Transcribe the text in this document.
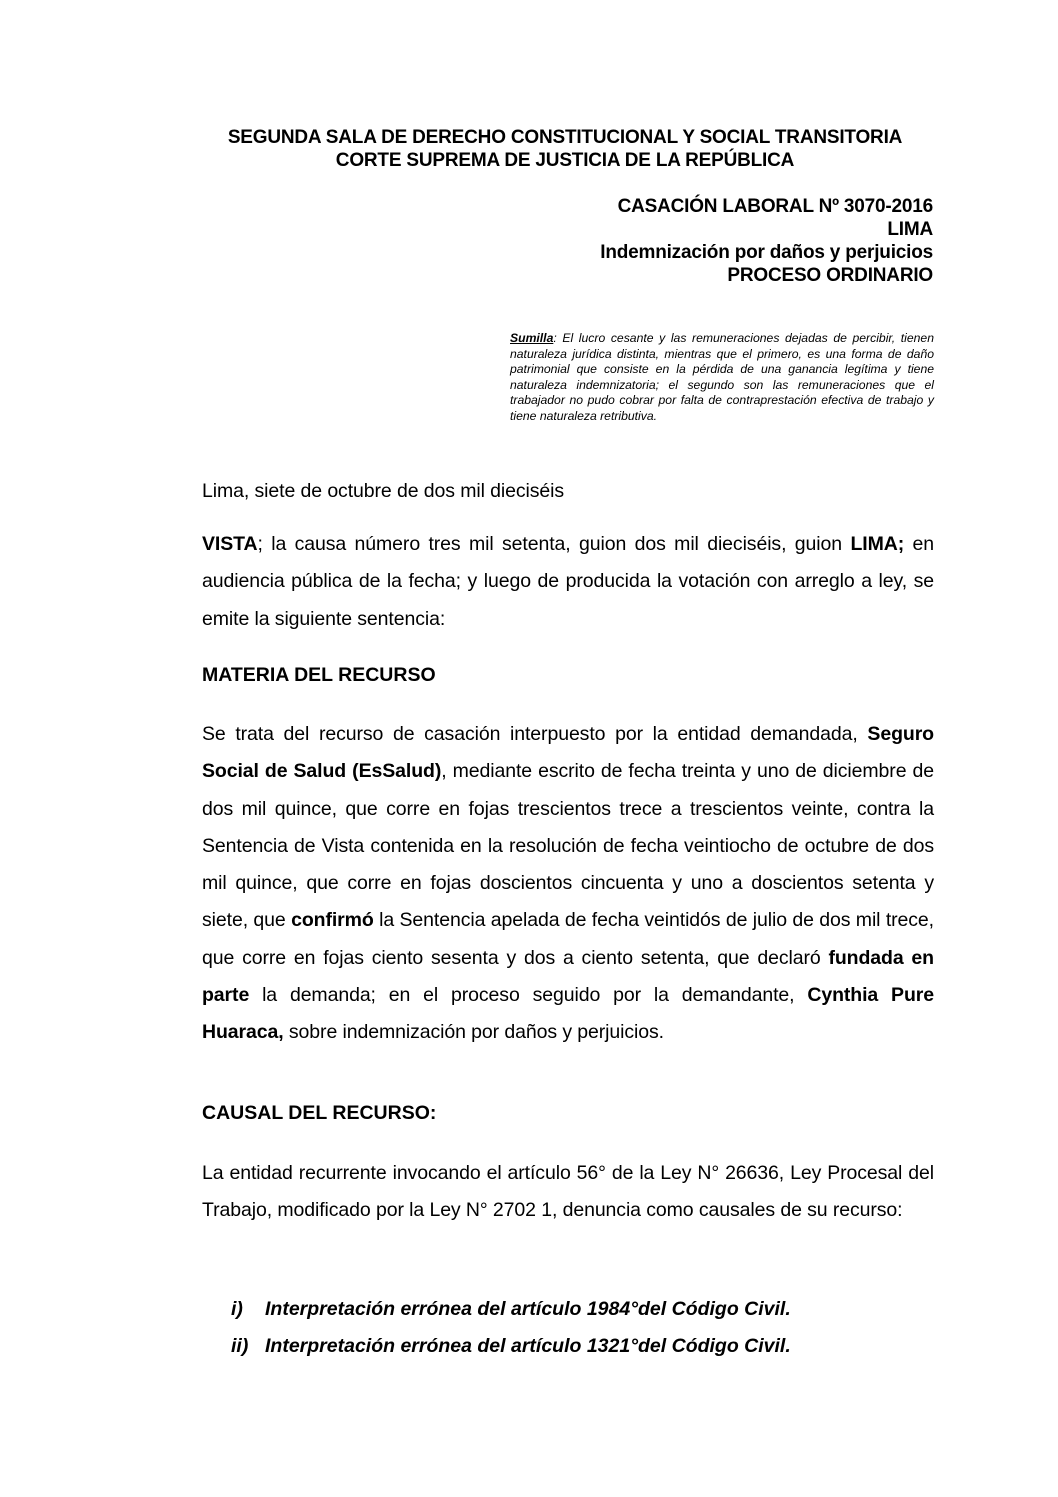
SEGUNDA SALA DE DERECHO CONSTITUCIONAL Y SOCIAL TRANSITORIA
CORTE SUPREMA DE JUSTICIA DE LA REPÚBLICA
CASACIÓN LABORAL Nº 3070-2016
LIMA
Indemnización por daños y perjuicios
PROCESO ORDINARIO
Sumilla: El lucro cesante y las remuneraciones dejadas de percibir, tienen naturaleza jurídica distinta, mientras que el primero, es una forma de daño patrimonial que consiste en la pérdida de una ganancia legítima y tiene naturaleza indemnizatoria; el segundo son las remuneraciones que el trabajador no pudo cobrar por falta de contraprestación efectiva de trabajo y tiene naturaleza retributiva.
Lima, siete de octubre de dos mil dieciséis
VISTA; la causa número tres mil setenta, guion dos mil dieciséis, guion LIMA; en audiencia pública de la fecha; y luego de producida la votación con arreglo a ley, se emite la siguiente sentencia:
MATERIA DEL RECURSO
Se trata del recurso de casación interpuesto por la entidad demandada, Seguro Social de Salud (EsSalud), mediante escrito de fecha treinta y uno de diciembre de dos mil quince, que corre en fojas trescientos trece a trescientos veinte, contra la Sentencia de Vista contenida en la resolución de fecha veintiocho de octubre de dos mil quince, que corre en fojas doscientos cincuenta y uno a doscientos setenta y siete, que confirmó la Sentencia apelada de fecha veintidós de julio de dos mil trece, que corre en fojas ciento sesenta y dos a ciento setenta, que declaró fundada en parte la demanda; en el proceso seguido por la demandante, Cynthia Pure Huaraca, sobre indemnización por daños y perjuicios.
CAUSAL DEL RECURSO:
La entidad recurrente invocando el artículo 56° de la Ley N° 26636, Ley Procesal del Trabajo, modificado por la Ley N° 2702 1, denuncia como causales de su recurso:
i) Interpretación errónea del artículo 1984°del Código Civil.
ii) Interpretación errónea del artículo 1321°del Código Civil.
